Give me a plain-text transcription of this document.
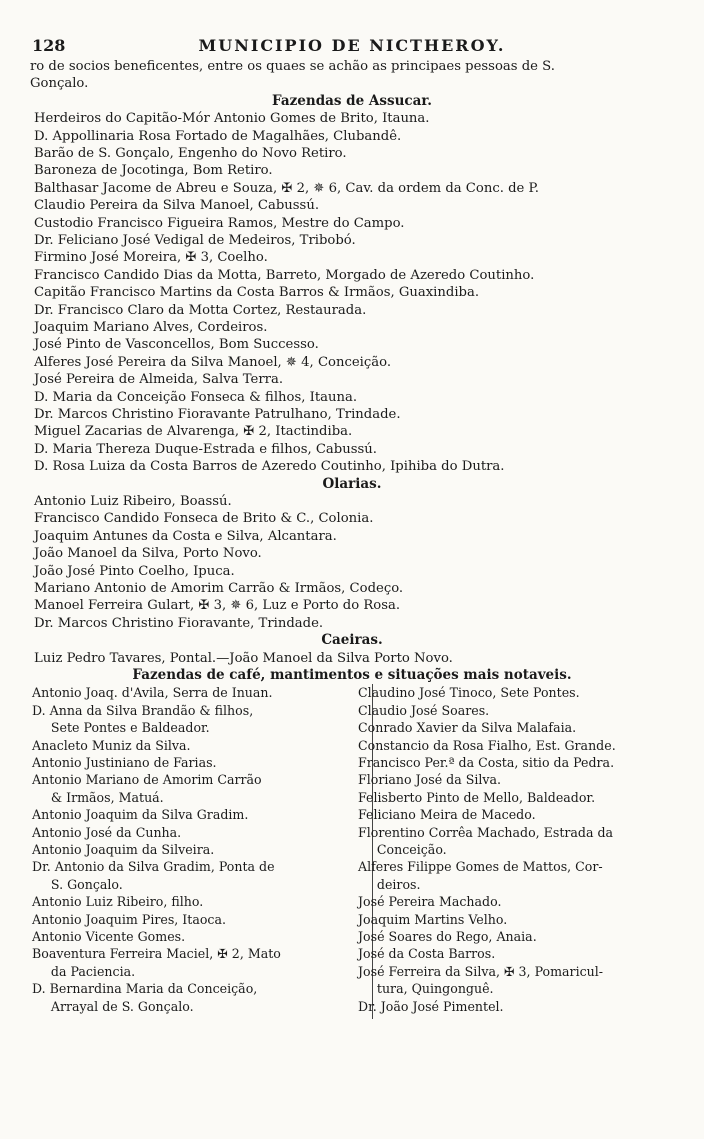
128	MUNICIPIO DE NICTHEROY.
ro de socios beneficentes, entre os quaes se achão as principaes pessoas de S.
Gonçalo.
Fazendas de Assucar.
Herdeiros do Capitão-Mór Antonio Gomes de Brito, Itauna.
D. Appollinaria Rosa Fortado de Magalhães, Clubandê.
Barão de S. Gonçalo, Engenho do Novo Retiro.
Baroneza de Jocotinga, Bom Retiro.
Balthasar Jacome de Abreu e Souza, ✠ 2, ✵ 6, Cav. da ordem da Conc. de P.
Claudio Pereira da Silva Manoel, Cabussú.
Custodio Francisco Figueira Ramos, Mestre do Campo.
Dr. Feliciano José Vedigal de Medeiros, Tribobó.
Firmino José Moreira, ✠ 3, Coelho.
Francisco Candido Dias da Motta, Barreto, Morgado de Azeredo Coutinho.
Capitão Francisco Martins da Costa Barros & Irmãos, Guaxindiba.
Dr. Francisco Claro da Motta Cortez, Restaurada.
Joaquim Mariano Alves, Cordeiros.
José Pinto de Vasconcellos, Bom Successo.
Alferes José Pereira da Silva Manoel, ✵ 4, Conceição.
José Pereira de Almeida, Salva Terra.
D. Maria da Conceição Fonseca & filhos, Itauna.
Dr. Marcos Christino Fioravante Patrulhano, Trindade.
Miguel Zacarias de Alvarenga, ✠ 2, Itactindiba.
D. Maria Thereza Duque-Estrada e filhos, Cabussú.
D. Rosa Luiza da Costa Barros de Azeredo Coutinho, Ipihiba do Dutra.
Olarias.
Antonio Luiz Ribeiro, Boassú.
Francisco Candido Fonseca de Brito & C., Colonia.
Joaquim Antunes da Costa e Silva, Alcantara.
João Manoel da Silva, Porto Novo.
João José Pinto Coelho, Ipuca.
Mariano Antonio de Amorim Carrão & Irmãos, Codeço.
Manoel Ferreira Gulart, ✠ 3, ✵ 6, Luz e Porto do Rosa.
Dr. Marcos Christino Fioravante, Trindade.
Caeiras.
Luiz Pedro Tavares, Pontal.—João Manoel da Silva Porto Novo.
Fazendas de café, mantimentos e situações mais notaveis.
Antonio Joaq. d'Avila, Serra de Inuan.
D. Anna da Silva Brandão & filhos,
  Sete Pontes e Baldeador.
Anacleto Muniz da Silva.
Antonio Justiniano de Farias.
Antonio Mariano de Amorim Carrão
  & Irmãos, Matuá.
Antonio Joaquim da Silva Gradim.
Antonio José da Cunha.
Antonio Joaquim da Silveira.
Dr. Antonio da Silva Gradim, Ponta de
  S. Gonçalo.
Antonio Luiz Ribeiro, filho.
Antonio Joaquim Pires, Itaoca.
Antonio Vicente Gomes.
Boaventura Ferreira Maciel, ✠ 2, Mato
  da Paciencia.
D. Bernardina Maria da Conceição,
  Arrayal de S. Gonçalo.
Claudino José Tinoco, Sete Pontes.
Claudio José Soares.
Conrado Xavier da Silva Malafaia.
Constancio da Rosa Fialho, Est. Grande.
Francisco Per.ª da Costa, sitio da Pedra.
Floriano José da Silva.
Felisberto Pinto de Mello, Baldeador.
Feliciano Meira de Macedo.
Florentino Corrêa Machado, Estrada da
  Conceição.
Alferes Filippe Gomes de Mattos, Cor-
  deiros.
José Pereira Machado.
Joaquim Martins Velho.
José Soares do Rego, Anaia.
José da Costa Barros.
José Ferreira da Silva, ✠ 3, Pomaricul-
  tura, Quingonguê.
Dr. João José Pimentel.
